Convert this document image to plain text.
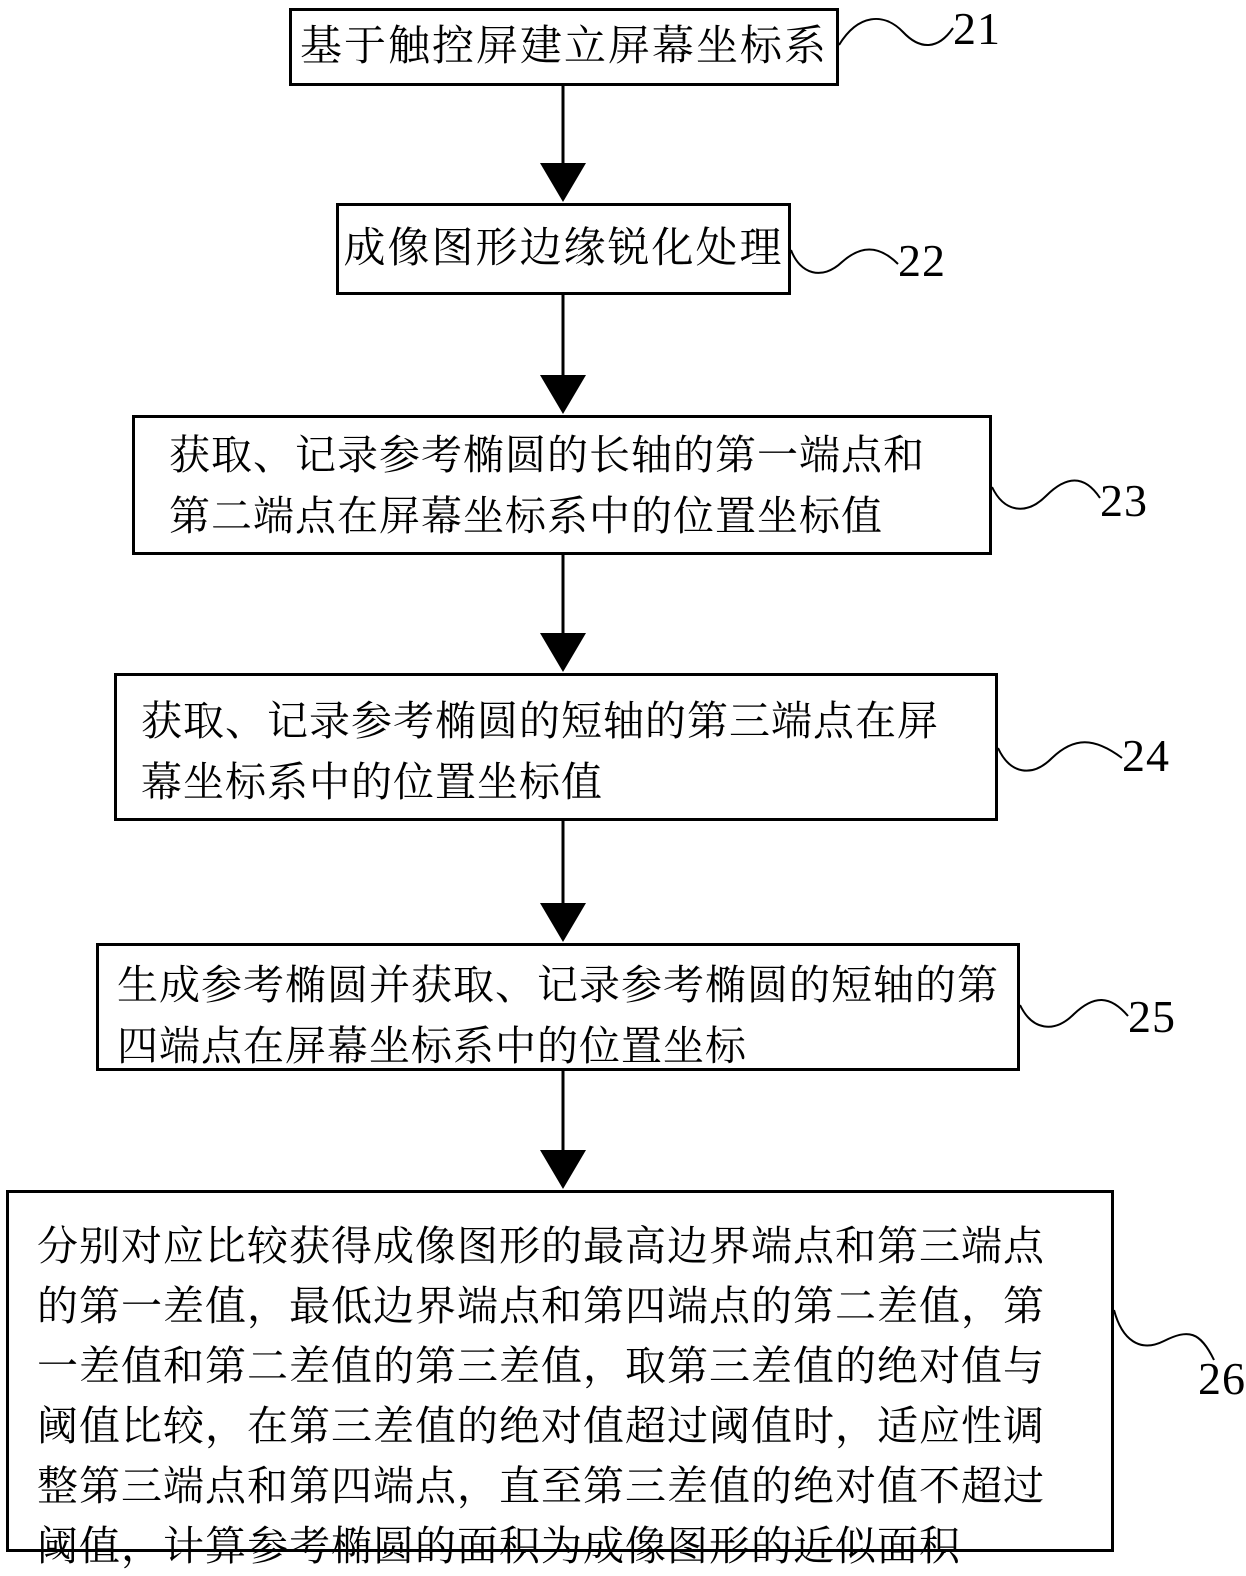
基于触控屏建立屏幕坐标系
成像图形边缘锐化处理
获取、记录参考椭圆的长轴的第一端点和第二端点在屏幕坐标系中的位置坐标值
获取、记录参考椭圆的短轴的第三端点在屏幕坐标系中的位置坐标值
生成参考椭圆并获取、记录参考椭圆的短轴的第四端点在屏幕坐标系中的位置坐标
分别对应比较获得成像图形的最高边界端点和第三端点的第一差值，最低边界端点和第四端点的第二差值，第一差值和第二差值的第三差值，取第三差值的绝对值与阈值比较，在第三差值的绝对值超过阈值时，适应性调整第三端点和第四端点，直至第三差值的绝对值不超过阈值，计算参考椭圆的面积为成像图形的近似面积
21
22
23
24
25
26
